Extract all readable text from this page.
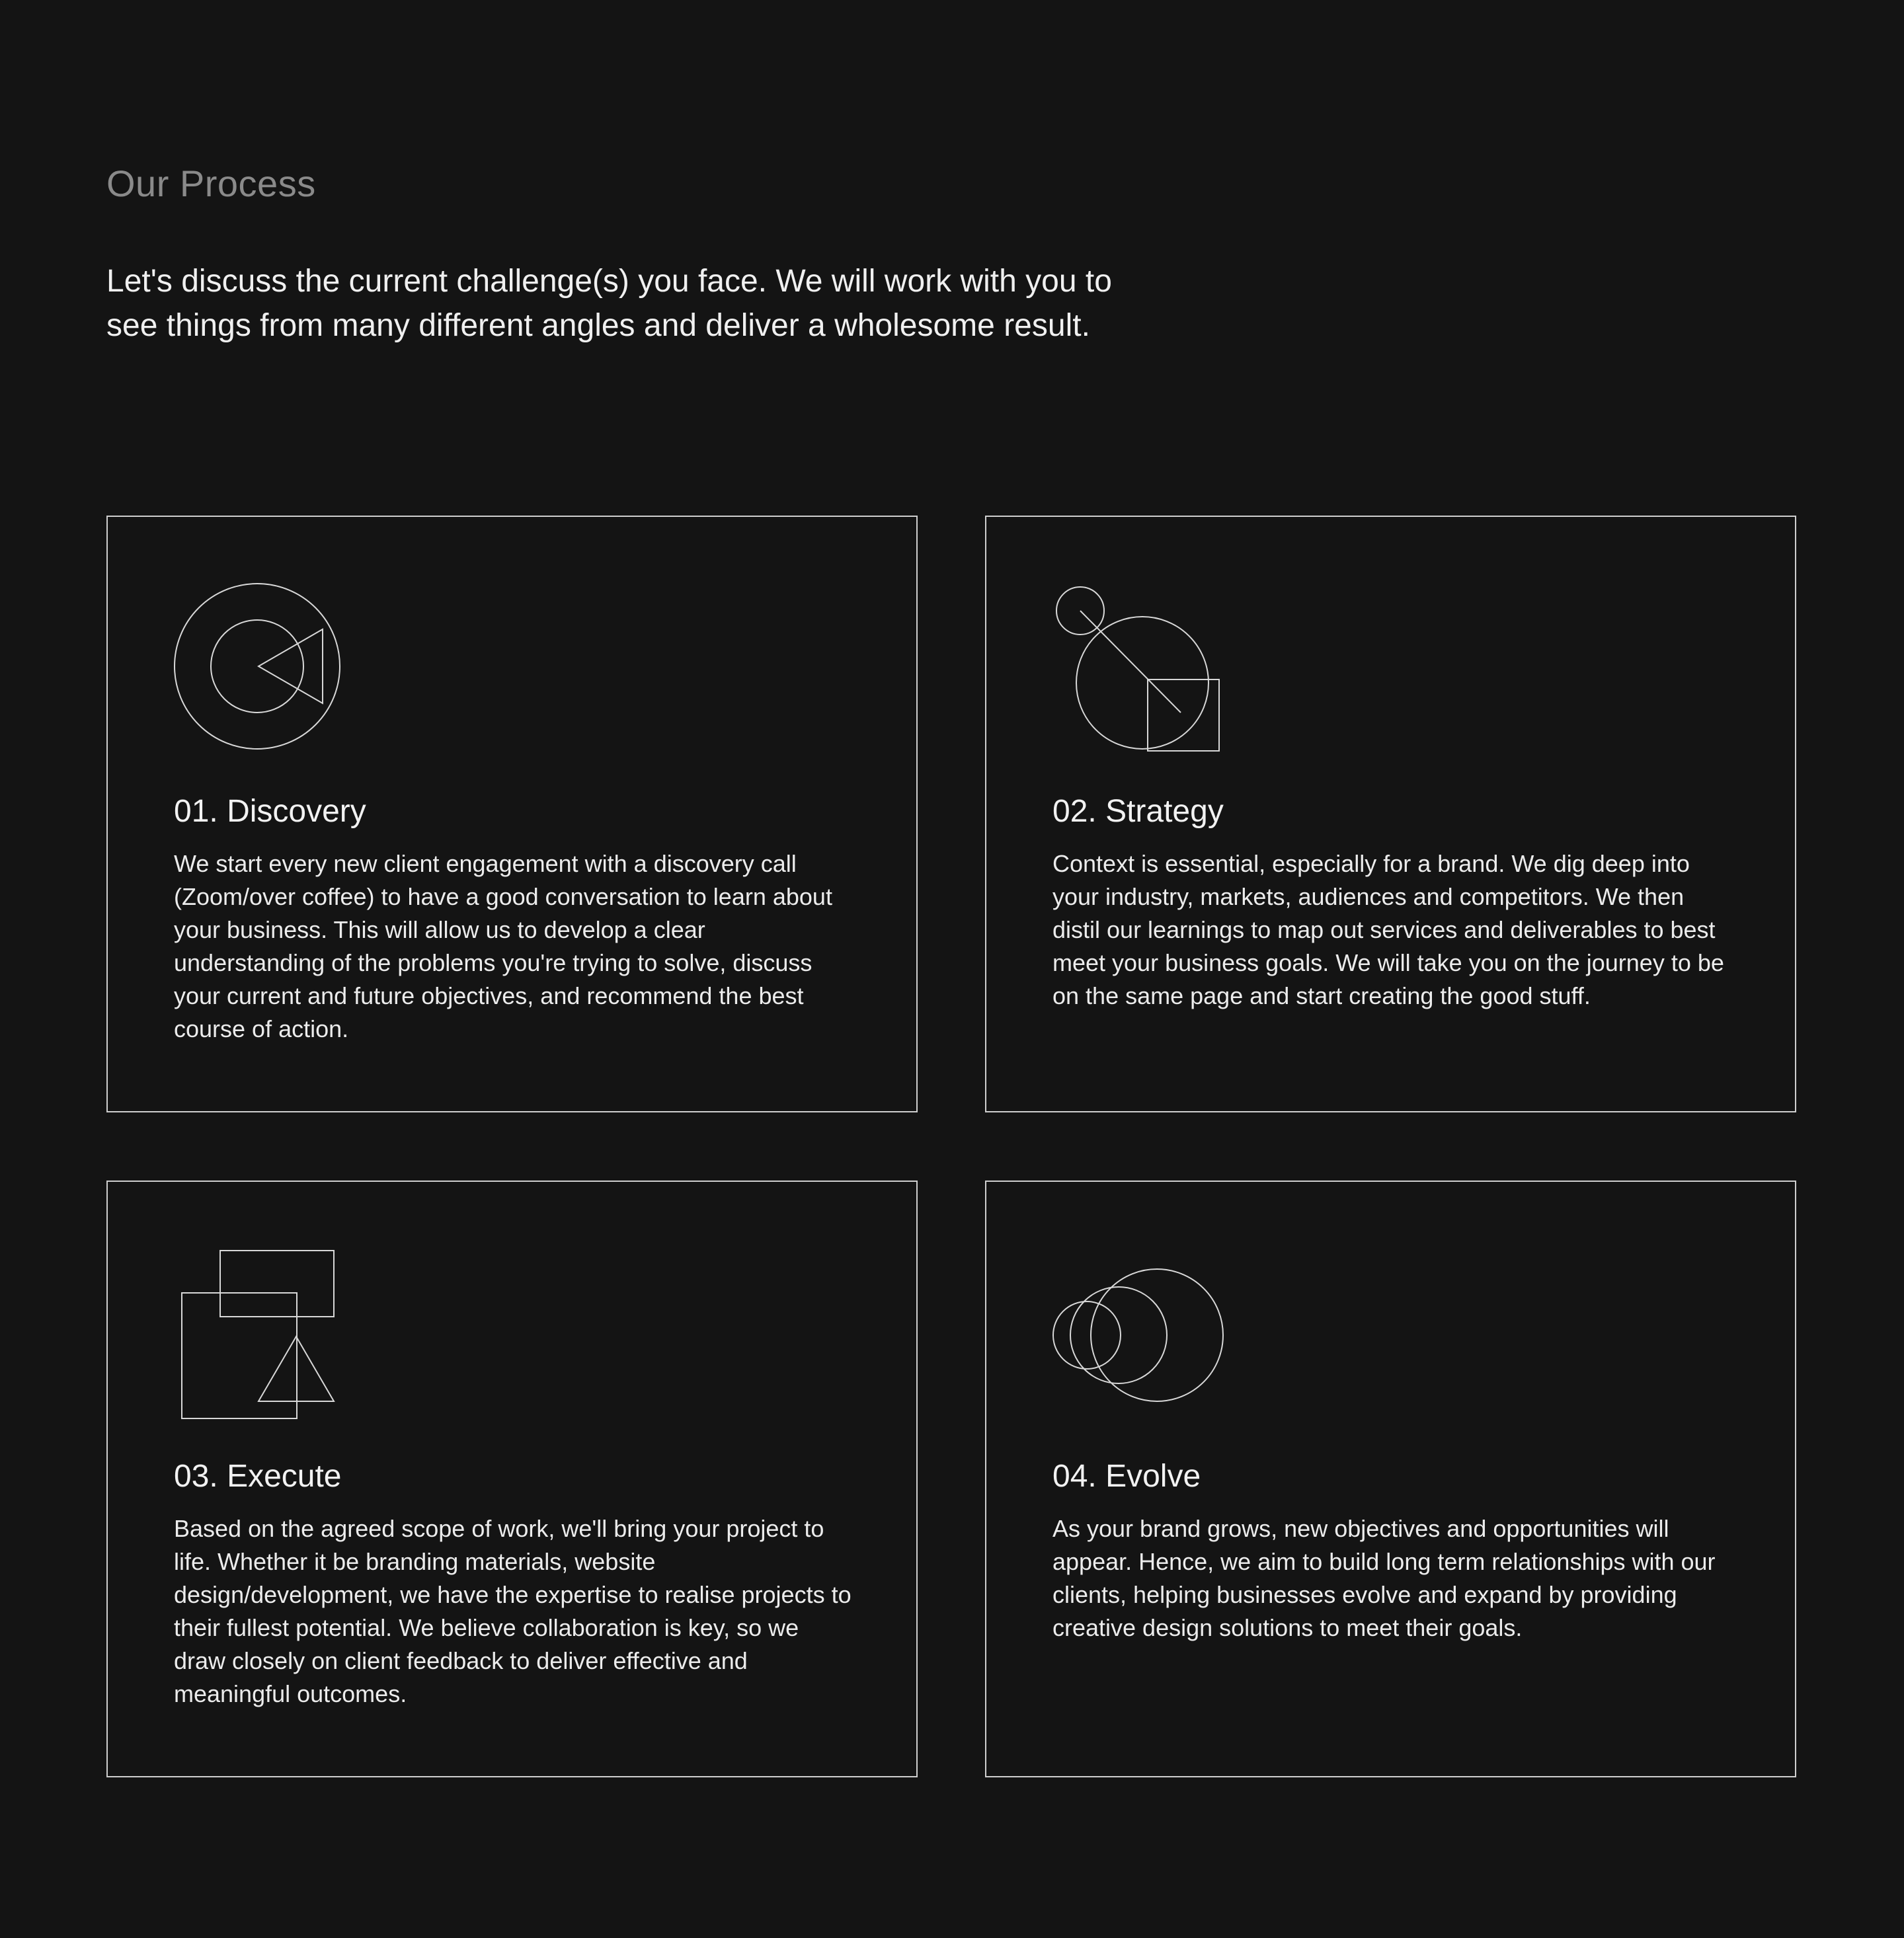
Our Process

Let's discuss the current challenge(s) you face. We will work with you to see things from many different angles and deliver a wholesome result.

01. Discovery

We start every new client engagement with a discovery call (Zoom/over coffee) to have a good conversation to learn about your business. This will allow us to develop a clear understanding of the problems you're trying to solve, discuss your current and future objectives, and recommend the best course of action.

02. Strategy

Context is essential, especially for a brand. We dig deep into your industry, markets, audiences and competitors. We then distil our learnings to map out services and deliverables to best meet your business goals. We will take you on the journey to be on the same page and start creating the good stuff.

03. Execute

Based on the agreed scope of work, we'll bring your project to life. Whether it be branding materials, website design/development, we have the expertise to realise projects to their fullest potential. We believe collaboration is key, so we draw closely on client feedback to deliver effective and meaningful outcomes.

04. Evolve

As your brand grows, new objectives and opportunities will appear. Hence, we aim to build long term relationships with our clients, helping businesses evolve and expand by providing creative design solutions to meet their goals.
